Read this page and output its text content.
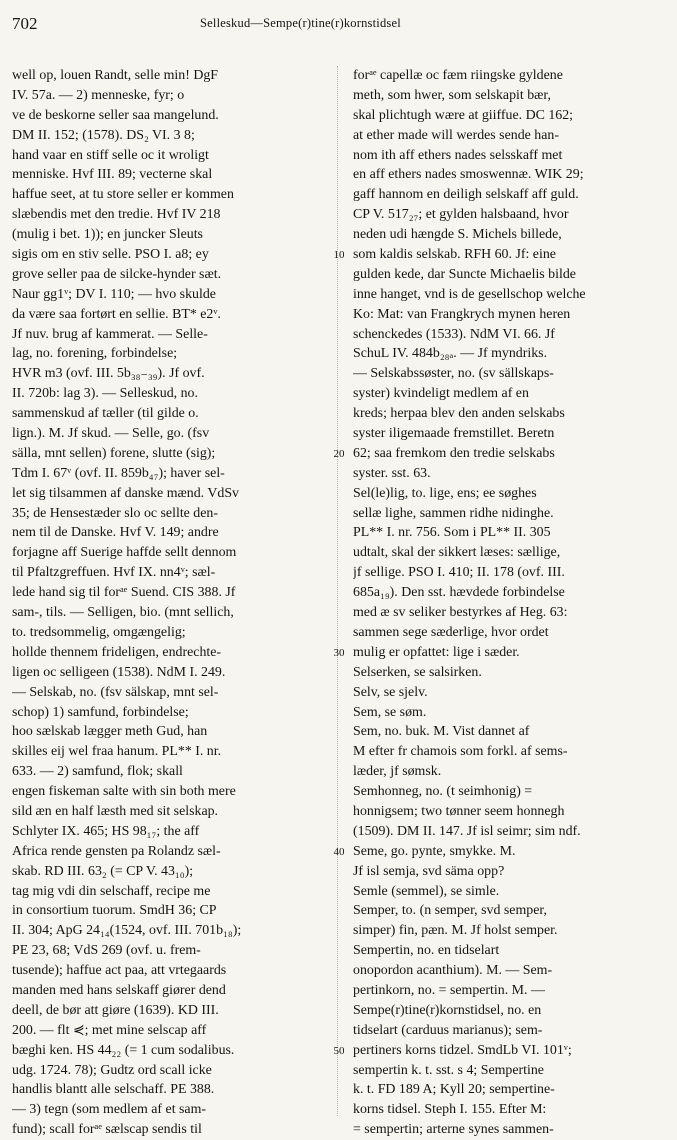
702	Selleskud—Sempe(r)tine(r)kornstidsel
well op, louen Randt, selle min! DgF
IV. 57a. — 2) menneske, fyr; o
ve de beskorne seller saa mangelund.
DM II. 152; (1578). DS₂ VI. 3 8;
hand vaar en stiff selle oc it wroligt
menniske. Hvf III. 89; vecterne skal
haffue seet, at tu store seller er kommen
slæbendis met den tredie. Hvf IV 218
(mulig i bet. 1)); en juncker Sleuts
sigis om en stiv selle. PSO I. a8; ey
grove seller paa de silcke-hynder sæt.
Naur gg1ᵛ; DV I. 110; — hvo skulde
da være saa fortørt en sellie. BT* e2ᵛ.
Jf nuv. brug af kammerat. — Selle-
lag, no. forening, forbindelse;
HVR m3 (ovf. III. 5b₃₈₋₃₉). Jf ovf.
II. 720b: lag 3). — Selleskud, no.
sammenskud af tæller (til gilde o.
lign.). M. Jf skud. — Selle, go. (fsv
sälla, mnt sellen) forene, slutte (sig);
Tdm I. 67ᵛ (ovf. II. 859b₄₇); haver sel-
let sig tilsammen af danske mænd. VdSv
35; de Hensestæder slo oc sellte den-
nem til de Danske. Hvf V. 149; andre
forjagne aff Suerige haffde sellt dennom
til Pfaltzgreffuen. Hvf IX. nn4ᵛ; sæl-
lede hand sig til forᵃᵉ Suend. CIS 388. Jf
sam-, tils. — Selligen, bio. (mnt sellich,
to. tredsommelig, omgængelig;
hollde thennem frideligen, endrechte-
ligen oc selligeen (1538). NdM I. 249.
— Selskab, no. (fsv sälskap, mnt sel-
schop) 1) samfund, forbindelse;
hoo sælskab lægger meth Gud, han
skilles eij wel fraa hanum. PL** I. nr.
633. — 2) samfund, flok; skall
engen fiskeman salte with sin both mere
sild æn en half læsth med sit selskap.
Schlyter IX. 465; HS 98₁₇; the aff
Africa rende gensten pa Rolandz sæl-
skab. RD III. 63₂ (= CP V. 43₁₀);
tag mig vdi din selschaff, recipe me
in consortium tuorum. SmdH 36; CP
II. 304; ApG 24₁₄(1524, ovf. III. 701b₁₈);
PE 23, 68; VdS 269 (ovf. u. frem-
tusende); haffue act paa, att vrtegaards
manden med hans selskaff giører dend
deell, de bør att giøre (1639). KD III.
200. — flt ⋞; met mine selscap aff
bæghi ken. HS 44₂₂ (= 1 cum sodalibus.
udg. 1724. 78); Gudtz ord scall icke
handlis blantt alle selschaff. PE 388.
— 3) tegn (som medlem af et sam-
fund); scall forᵃᵉ sælscap sendis til
10
20
30
40
50
forᵃᵉ capellæ oc fæm riingske gyldene
meth, som hwer, som selskapit bær,
skal plichtugh wære at giiffue. DC 162;
at ether made will werdes sende han-
nom ith aff ethers nades selsskaff met
en aff ethers nades smoswennæ. WIK 29;
gaff hannom en deiligh selskaff aff guld.
CP V. 517₂₇; et gylden halsbaand, hvor
neden udi hængde S. Michels billede,
som kaldis selskab. RFH 60. Jf: eine
gulden kede, dar Suncte Michaelis bilde
inne hanget, vnd is de gesellschop welche
Ko: Mat: van Frangkrych mynen heren
schenckedes (1533). NdM VI. 66. Jf
SchuL IV. 484b₂₈ₐ. — Jf myndriks.
— Selskabssøster, no. (sv sällskaps-
syster) kvindeligt medlem af en
kreds; herpaa blev den anden selskabs
syster iligemaade fremstillet. Beretn
62; saa fremkom den tredie selskabs
syster. sst. 63.
Sel(le)lig, to. lige, ens; ee søghes
sellæ lighe, sammen ridhe nidinghe.
PL** I. nr. 756. Som i PL** II. 305
udtalt, skal der sikkert læses: sællige,
jf sellige. PSO I. 410; II. 178 (ovf. III.
685a₁₉). Den sst. hævdede forbindelse
med æ sv seliker bestyrkes af Heg. 63:
sammen sege sæderlige, hvor ordet
mulig er opfattet: lige i sæder.
Selserken, se salsirken.
Selv, se sjelv.
Sem, se søm.
Sem, no. buk. M. Vist dannet af
M efter fr chamois som forkl. af sems-
læder, jf sømsk.
Semhonneg, no. (t seimhonig) =
honnigsem; two tønner seem honnegh
(1509). DM II. 147. Jf isl seimr; sim ndf.
Seme, go. pynte, smykke. M.
Jf isl semja, svd säma opp?
Semle (semmel), se simle.
Semper, to. (n semper, svd semper,
simper) fin, pæn. M. Jf holst semper.
Sempertin, no. en tidselart
onopordon acanthium). M. — Sem-
pertinkorn, no. = sempertin. M. —
Sempe(r)tine(r)kornstidsel, no. en
tidselart (carduus marianus); sem-
pertiners korns tidzel. SmdLb VI. 101ᵛ;
sempertin k. t. sst. s 4; Sempertine
k. t. FD 189 A; Kyll 20; sempertine-
korns tidsel. Steph I. 155. Efter M:
= sempertin; arterne synes sammen-
